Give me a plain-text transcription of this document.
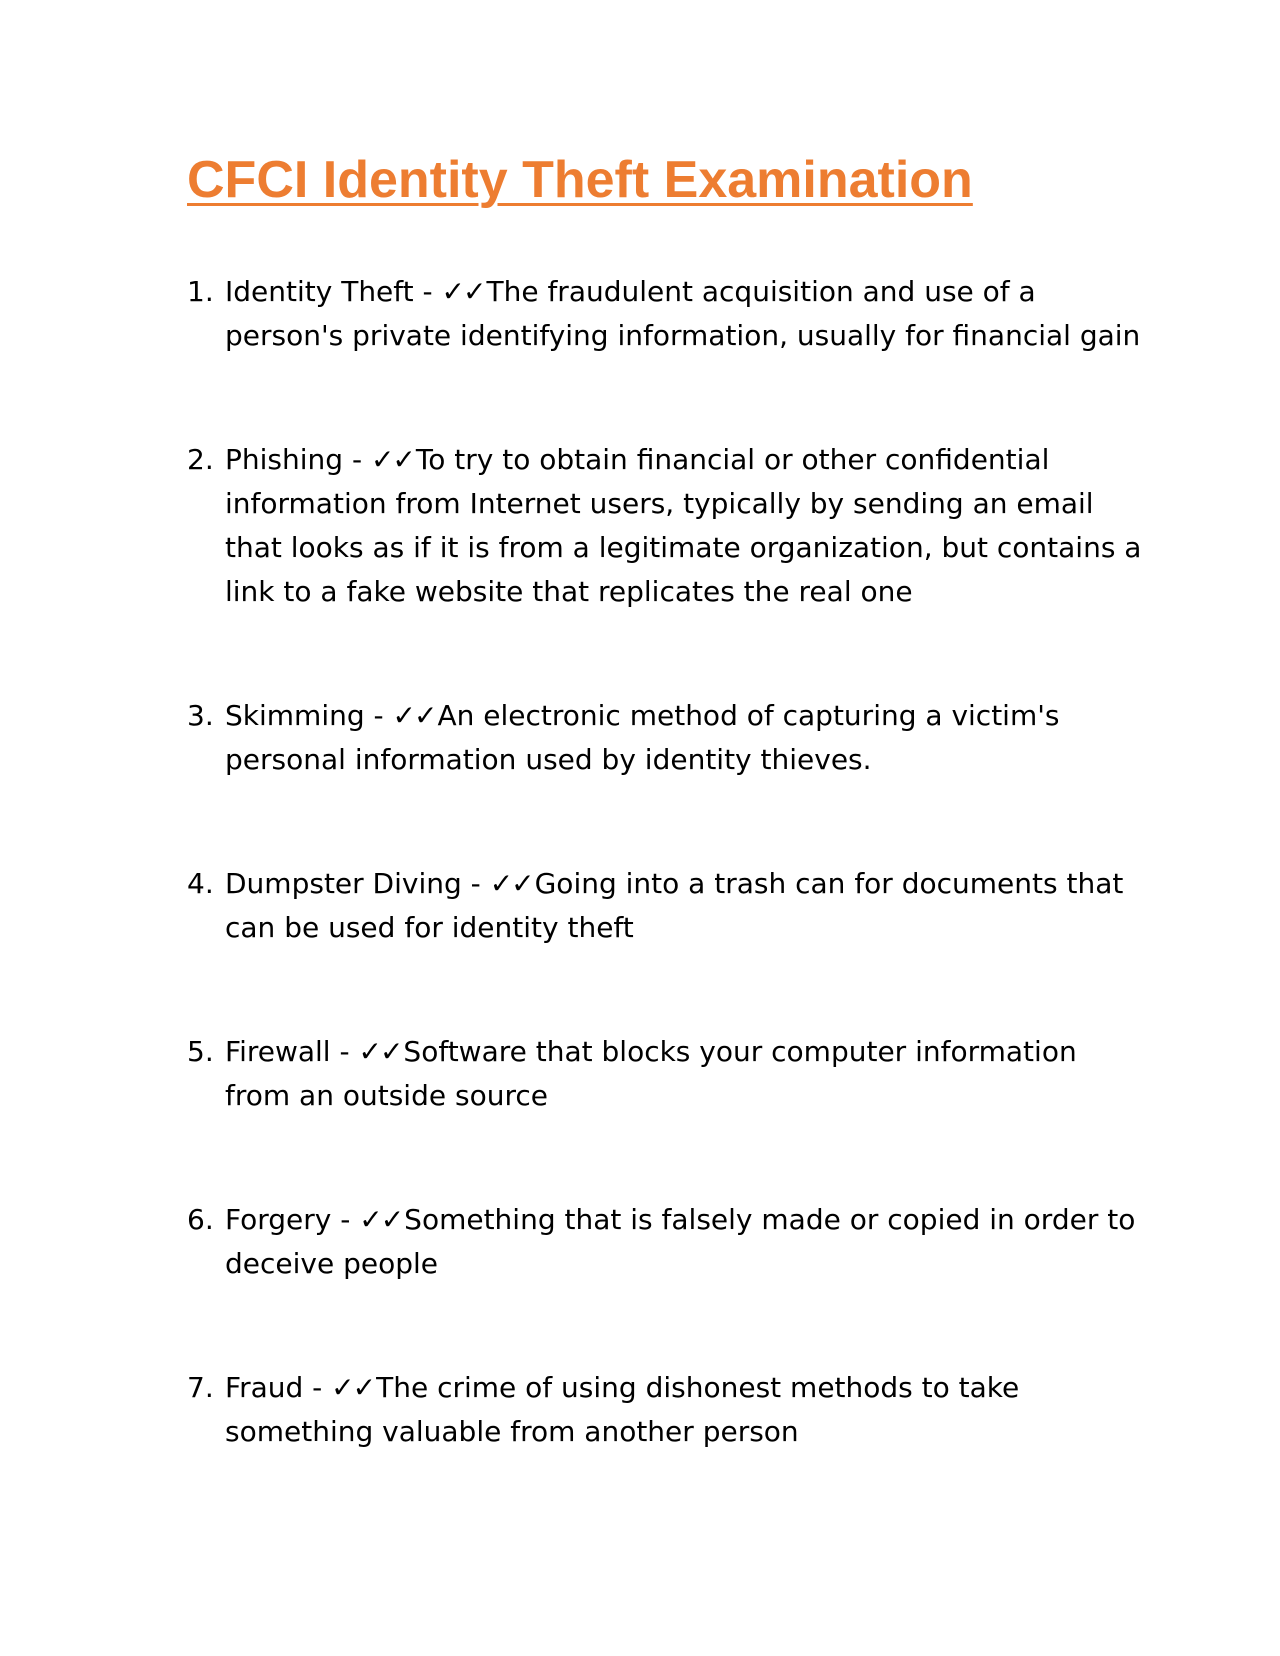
CFCI Identity Theft Examination
1. Identity Theft - ✓✓The fraudulent acquisition and use of a person's private identifying information, usually for financial gain
2. Phishing - ✓✓To try to obtain financial or other confidential information from Internet users, typically by sending an email that looks as if it is from a legitimate organization, but contains a link to a fake website that replicates the real one
3. Skimming - ✓✓An electronic method of capturing a victim's personal information used by identity thieves.
4. Dumpster Diving - ✓✓Going into a trash can for documents that can be used for identity theft
5. Firewall - ✓✓Software that blocks your computer information from an outside source
6. Forgery - ✓✓Something that is falsely made or copied in order to deceive people
7. Fraud - ✓✓The crime of using dishonest methods to take something valuable from another person
